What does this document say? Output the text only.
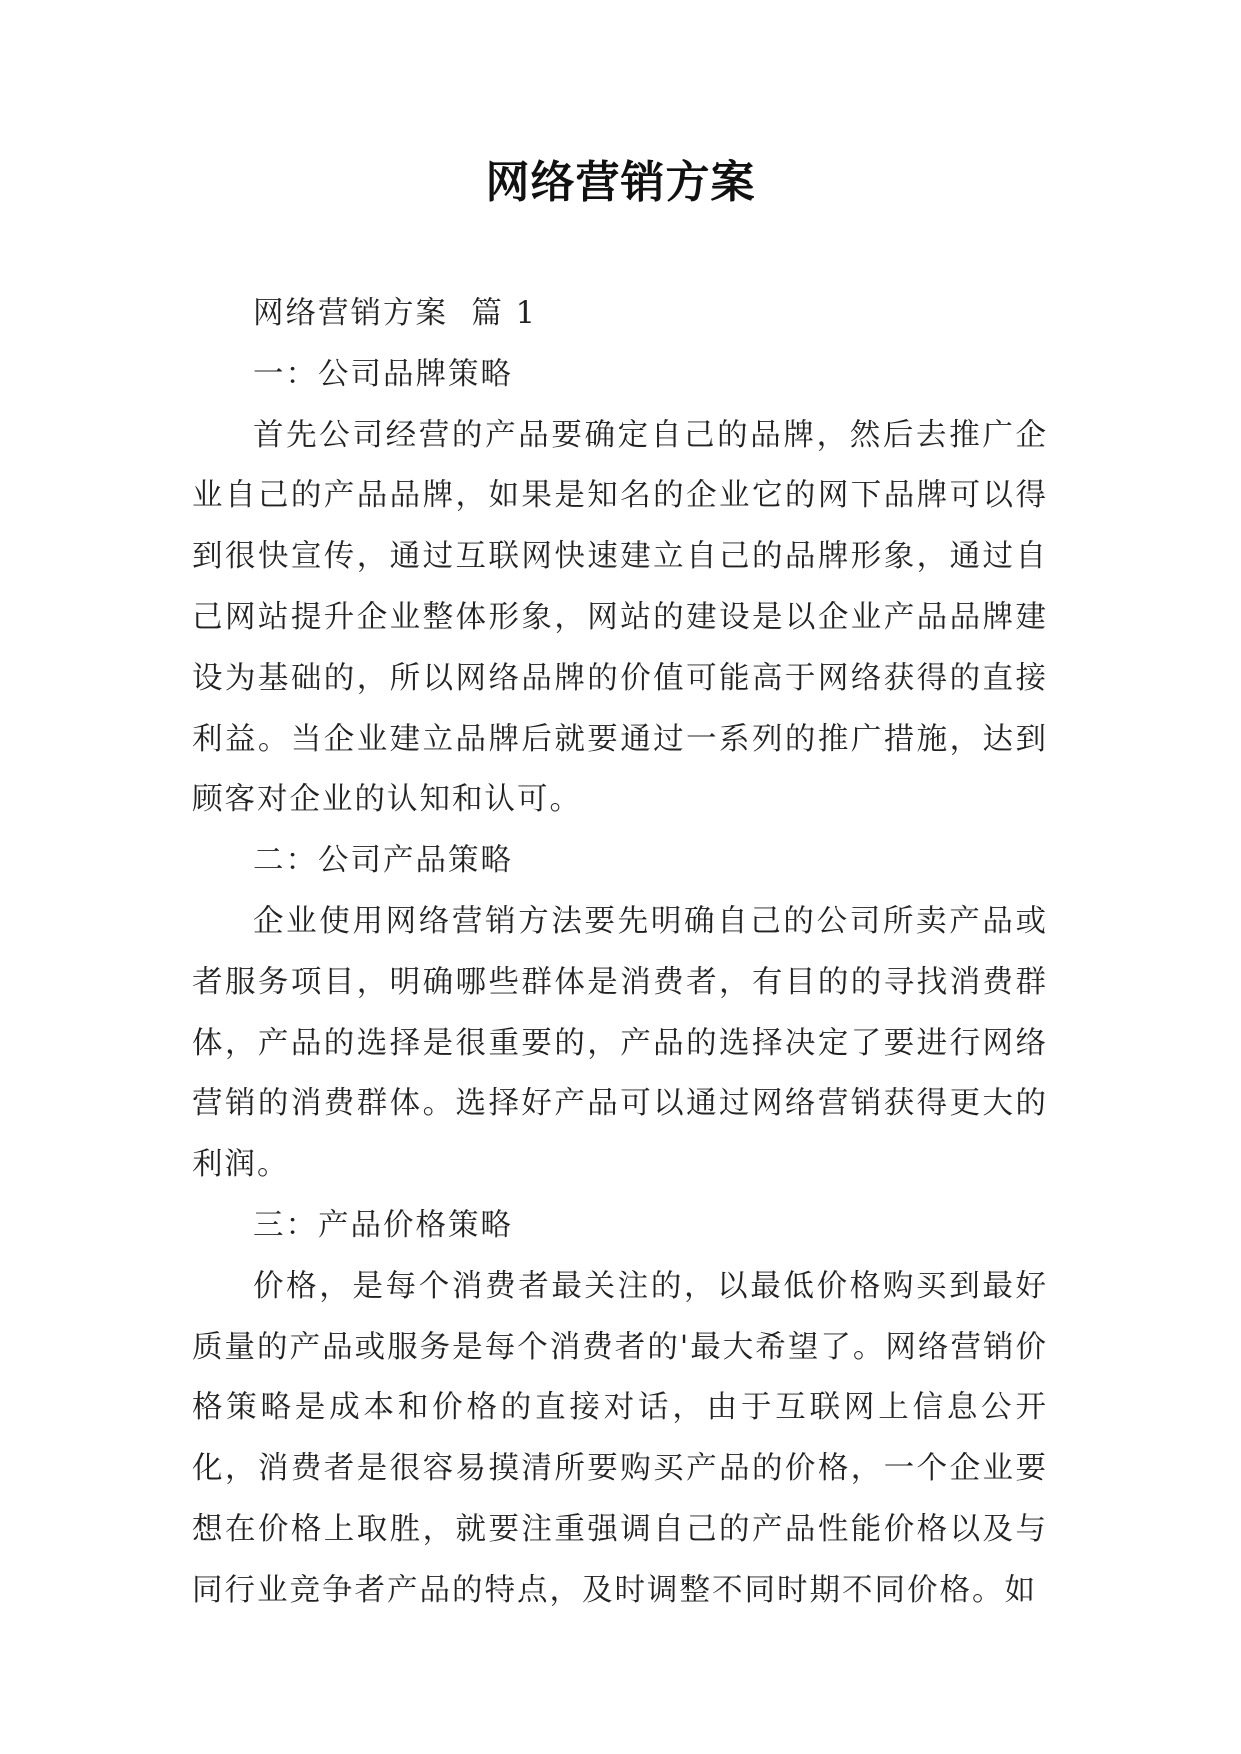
网络营销方案

网络营销方案  篇 1

一：公司品牌策略

首先公司经营的产品要确定自己的品牌，然后去推广企业自己的产品品牌，如果是知名的企业它的网下品牌可以得到很快宣传，通过互联网快速建立自己的品牌形象，通过自己网站提升企业整体形象，网站的建设是以企业产品品牌建设为基础的，所以网络品牌的价值可能高于网络获得的直接利益。当企业建立品牌后就要通过一系列的推广措施，达到顾客对企业的认知和认可。

二：公司产品策略

企业使用网络营销方法要先明确自己的公司所卖产品或者服务项目，明确哪些群体是消费者，有目的的寻找消费群体，产品的选择是很重要的，产品的选择决定了要进行网络营销的消费群体。选择好产品可以通过网络营销获得更大的利润。

三：产品价格策略

价格，是每个消费者最关注的，以最低价格购买到最好质量的产品或服务是每个消费者的'最大希望了。网络营销价格策略是成本和价格的直接对话，由于互联网上信息公开化，消费者是很容易摸清所要购买产品的价格，一个企业要想在价格上取胜，就要注重强调自己的产品性能价格以及与同行业竞争者产品的特点，及时调整不同时期不同价格。如
